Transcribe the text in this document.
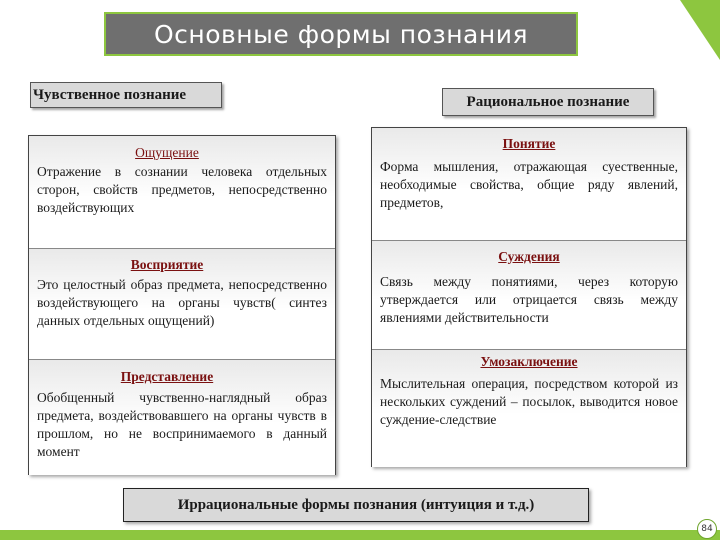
Основные формы познания
Чувственное познание	Рациональное познание
Ощущение
Отражение в сознании человека отдельных сторон, свойств предметов, непосредственно воздействующих
Восприятие
Это целостный образ предмета, непосредственно воздействующего на органы чувств( синтез данных отдельных ощущений)
Представление
Обобщенный чувственно-наглядный образ предмета, воздействовавшего на органы чувств в прошлом, но не воспринимаемого в данный момент
Понятие
Форма мышления, отражающая суественные, необходимые свойства, общие ряду явлений, предметов,
Суждения
Связь между понятиями, через которую утверждается или отрицается связь между явлениями действительности
Умозаключение
Мыслительная операция, посредством которой из нескольких суждений – посылок, выводится новое суждение-следствие
Иррациональные формы познания (интуиция и т.д.)
84
